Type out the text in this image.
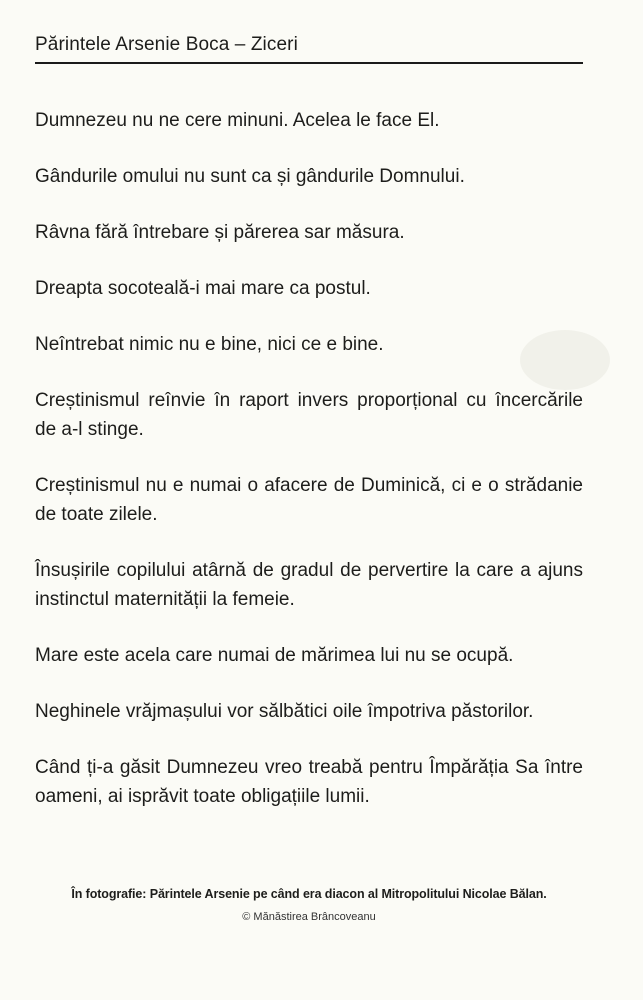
Părintele Arsenie Boca – Ziceri

Dumnezeu nu ne cere minuni. Acelea le face El.

Gândurile omului nu sunt ca și gândurile Domnului.

Râvna fără întrebare și părerea sar măsura.

Dreapta socoteală-i mai mare ca postul.

Neîntrebat nimic nu e bine, nici ce e bine.

Creștinismul reînvie în raport invers proporțional cu încercările de a-l stinge.

Creștinismul nu e numai o afacere de Duminică, ci e o strădanie de toate zilele.

Însușirile copilului atârnă de gradul de pervertire la care a ajuns instinctul maternității la femeie.

Mare este acela care numai de mărimea lui nu se ocupă.

Neghinele vrăjmașului vor sălbătici oile împotriva păstorilor.

Când ți-a găsit Dumnezeu vreo treabă pentru Împărăția Sa între oameni, ai isprăvit toate obligațiile lumii.

În fotografie: Părintele Arsenie pe când era diacon al Mitropolitului Nicolae Bălan.
© Mănăstirea Brâncoveanu
